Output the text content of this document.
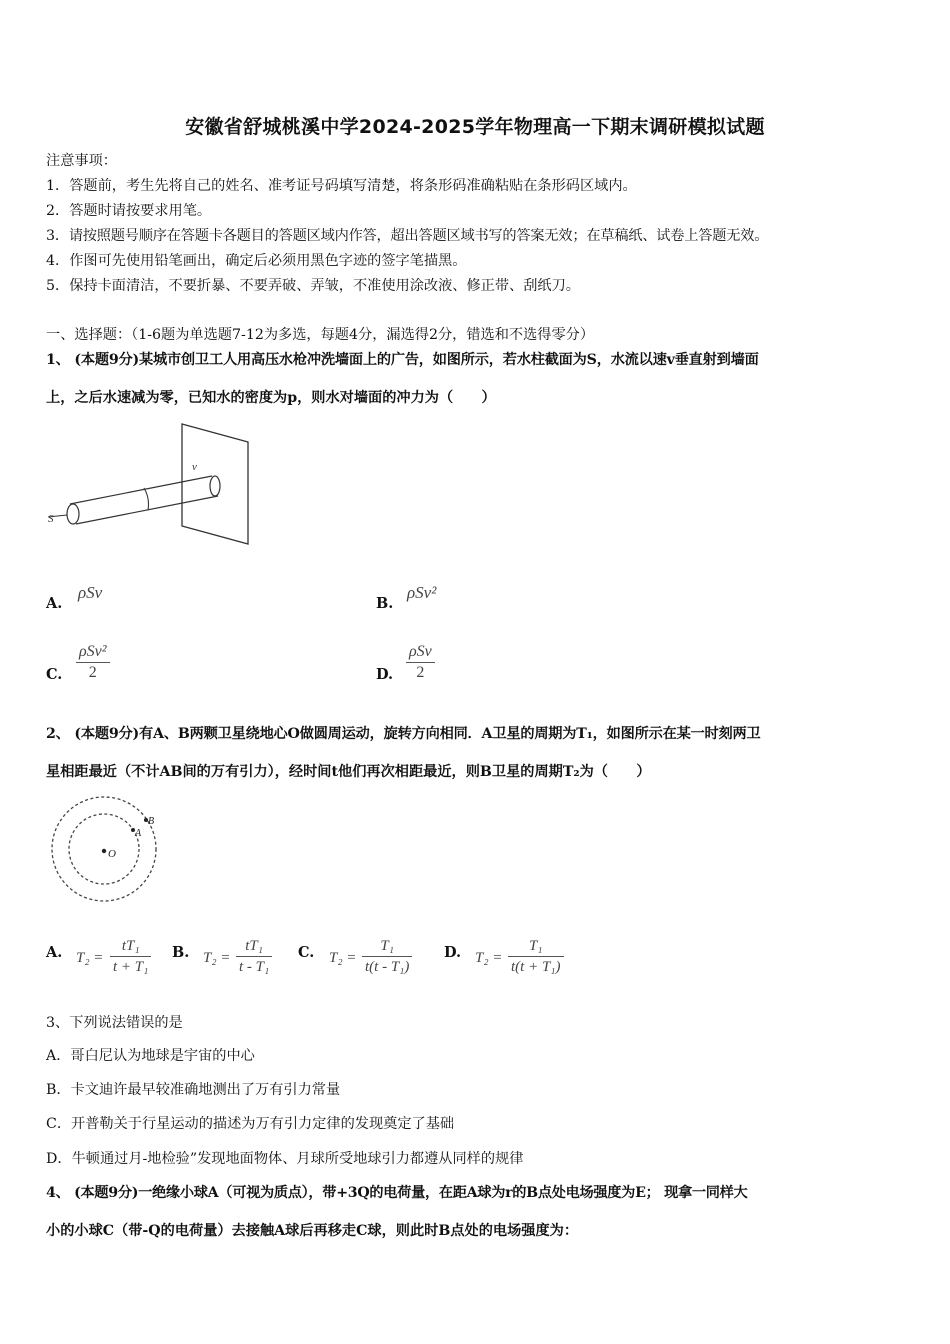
安徽省舒城桃溪中学2024-2025学年物理高一下期末调研模拟试题
注意事项：
1．答题前，考生先将自己的姓名、准考证号码填写清楚，将条形码准确粘贴在条形码区域内。
2．答题时请按要求用笔。
3．请按照题号顺序在答题卡各题目的答题区域内作答，超出答题区域书写的答案无效；在草稿纸、试卷上答题无效。
4．作图可先使用铅笔画出，确定后必须用黑色字迹的签字笔描黑。
5．保持卡面清洁，不要折暴、不要弄破、弄皱，不准使用涂改液、修正带、刮纸刀。
一、选择题：（1-6题为单选题7-12为多选，每题4分，漏选得2分，错选和不选得零分）
1、 (本题9分)某城市创卫工人用高压水枪冲洗墙面上的广告，如图所示，若水柱截面为S，水流以速v垂直射到墙面
上，之后水速减为零，已知水的密度为p，则水对墙面的冲力为（　　）
S
v
A.
ρSv
B.
ρSv²
C.
ρSv²
2	D.
ρSv
2
2、 (本题9分)有A、B两颗卫星绕地心O做圆周运动，旋转方向相同．A卫星的周期为T₁，如图所示在某一时刻两卫
星相距最近（不计AB间的万有引力），经时间t他们再次相距最近，则B卫星的周期T₂为（　　）
O
A
B
A. $T_2 = \frac{\text{tT₁}}{\text{t + T₁}} B$. $T_2 = \frac{\text{tT₁}}{\text{t - T₁}} C$. $T_2 = \frac{\text{T₁}}{\text{t(t - T₁)}} D$. $T_2 = \frac{\text{T₁}}{\text{t(t + T₁)}}$
3、下列说法错误的是
A．哥白尼认为地球是宇宙的中心
B．卡文迪许最早较准确地测出了万有引力常量
C．开普勒关于行星运动的描述为万有引力定律的发现奠定了基础
D．牛顿通过月-地检验”发现地面物体、月球所受地球引力都遵从同样的规律
4、 (本题9分)一绝缘小球A（可视为质点），带+3Q的电荷量，在距A球为r的B点处电场强度为E； 现拿一同样大
小的小球C（带-Q的电荷量）去接触A球后再移走C球，则此时B点处的电场强度为：
